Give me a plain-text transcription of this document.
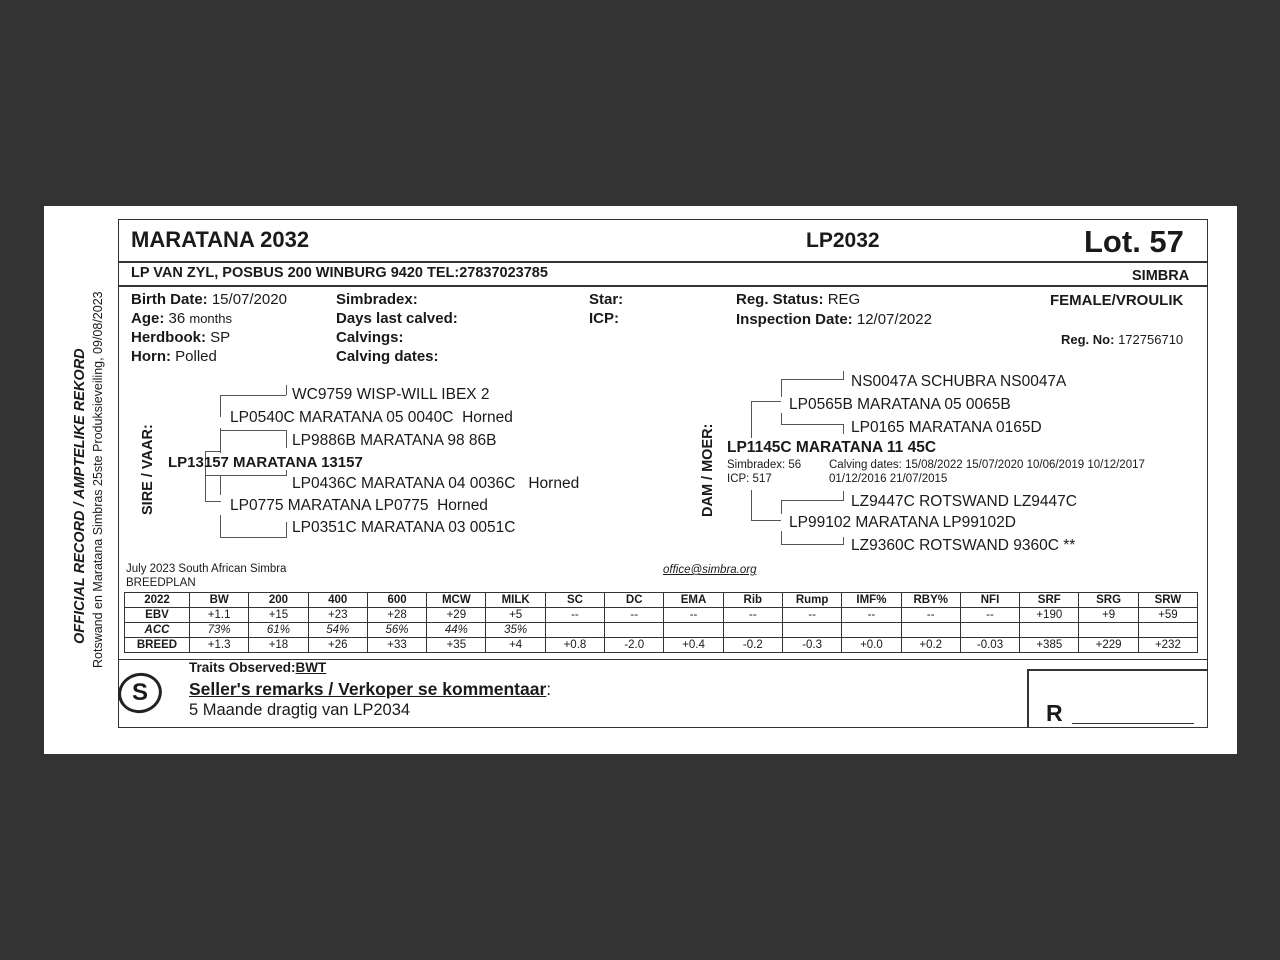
OFFICIAL RECORD / AMPTELIKE REKORD Rotswand en Maratana Simbras 25ste Produksieveiling, 09/08/2023
MARATANA 2032	LP2032	Lot. 57
LP VAN ZYL, POSBUS 200 WINBURG 9420 TEL:27837023785	SIMBRA
Birth Date: 15/07/2020
Age: 36 months
Herdbook: SP
Horn: Polled
Simbradex:
Days last calved:
Calvings:
Calving dates:
Star:
ICP:
Reg. Status: REG
Inspection Date: 12/07/2022
FEMALE/VROULIK
Reg. No: 172756710
SIRE / VAAR:
WC9759 WISP-WILL IBEX 2
LP0540C MARATANA 05 0040C Horned
LP9886B MARATANA 98 86B
LP13157 MARATANA 13157
LP0436C MARATANA 04 0036C Horned
LP0775 MARATANA LP0775 Horned
LP0351C MARATANA 03 0051C
DAM / MOER:
NS0047A SCHUBRA NS0047A
LP0565B MARATANA 05 0065B
LP0165 MARATANA 0165D
LP1145C MARATANA 11 45C
Simbradex: 56
ICP: 517
Calving dates: 15/08/2022 15/07/2020 10/06/2019 10/12/2017
01/12/2016 21/07/2015
LZ9447C ROTSWAND LZ9447C
LP99102 MARATANA LP99102D
LZ9360C ROTSWAND 9360C **
July 2023 South African Simbra
BREEDPLAN
office@simbra.org
2022	BW	200	400	600	MCW	MILK	SC	DC	EMA	Rib	Rump	IMF%	RBY%	NFI	SRF	SRG	SRW
EBV	+1.1	+15	+23	+28	+29	+5	--	--	--	--	--	--	--	--	+190	+9	+59
ACC	73%	61%	54%	56%	44%	35%											
BREED	+1.3	+18	+26	+33	+35	+4	+0.8	-2.0	+0.4	-0.2	-0.3	+0.0	+0.2	-0.03	+385	+229	+232
Traits Observed:BWT
S Seller's remarks / Verkoper se kommentaar:
5 Maande dragtig van LP2034	R
